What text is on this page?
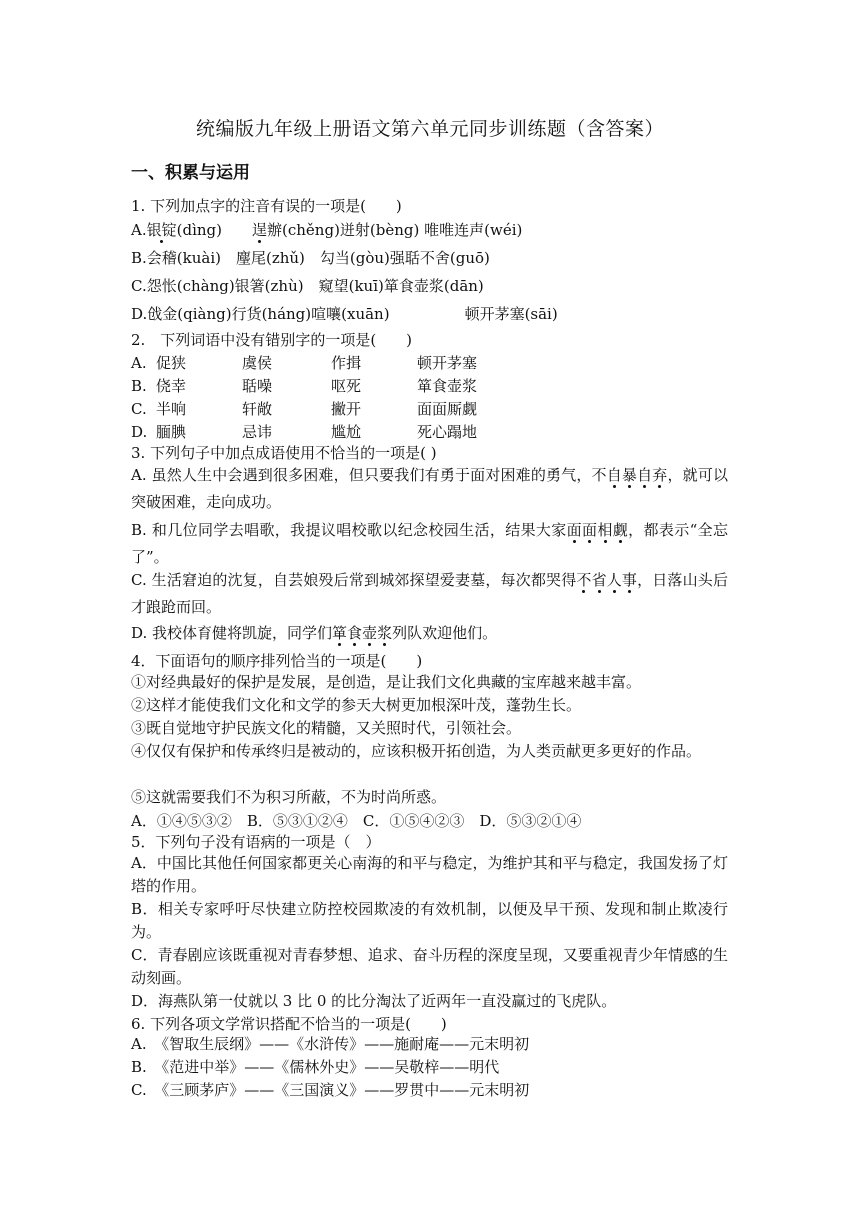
统编版九年级上册语文第六单元同步训练题（含答案）
一、积累与运用
1. 下列加点字的注音有误的一项是(　　)
A.银锭(dìng)　　逞辦(chěng)迸射(bèng) 唯唯连声(wéi)
B.会稽(kuài)　麈尾(zhǔ)　勾当(gòu)强聒不舍(guō)
C.怨怅(chàng)银箸(zhù)　窥望(kuī)箪食壶浆(dān)
D.戗金(qiàng)行货(háng)喧嚷(xuān)　　　　　顿开茅塞(sāi)
2.　下列词语中没有错别字的一项是(　　)
A. 促狭	虞侯	作揖	顿开茅塞
B. 侥幸	聒噪	呕死	箪食壶浆
C. 半响	轩敞	撇开	面面厮觑
D. 腼腆	忌讳	尴尬	死心蹋地
3. 下列句子中加点成语使用不恰当的一项是( )
A. 虽然人生中会遇到很多困难，但只要我们有勇于面对困难的勇气，不自暴自弃，就可以突破困难，走向成功。
B. 和几位同学去唱歌，我提议唱校歌以纪念校园生活，结果大家面面相觑，都表示“全忘了”。
C. 生活窘迫的沈复，自芸娘殁后常到城郊探望爱妻墓，每次都哭得不省人事，日落山头后才踉跄而回。
D. 我校体育健将凯旋，同学们箪食壶浆列队欢迎他们。
4．下面语句的顺序排列恰当的一项是(　　)
①对经典最好的保护是发展，是创造，是让我们文化典藏的宝库越来越丰富。
②这样才能使我们文化和文学的参天大树更加根深叶茂，蓬勃生长。
③既自觉地守护民族文化的精髓，又关照时代，引领社会。
④仅仅有保护和传承终归是被动的，应该积极开拓创造，为人类贡献更多更好的作品。
⑤这就需要我们不为积习所蔽，不为时尚所惑。
A．①④⑤③②　B．⑤③①②④　C．①⑤④②③　D．⑤③②①④
5．下列句子没有语病的一项是（　）
A．中国比其他任何国家都更关心南海的和平与稳定，为维护其和平与稳定，我国发扬了灯塔的作用。
B．相关专家呼吁尽快建立防控校园欺凌的有效机制，以便及早干预、发现和制止欺凌行为。
C．青春剧应该既重视对青春梦想、追求、奋斗历程的深度呈现，又要重视青少年情感的生动刻画。
D．海燕队第一仗就以 3 比 0 的比分淘汰了近两年一直没赢过的飞虎队。
6. 下列各项文学常识搭配不恰当的一项是(　　)
A.　《智取生辰纲》——《水浒传》——施耐庵——元末明初
B.　《范进中举》——《儒林外史》——吴敬梓——明代
C.　《三顾茅庐》——《三国演义》——罗贯中——元末明初
